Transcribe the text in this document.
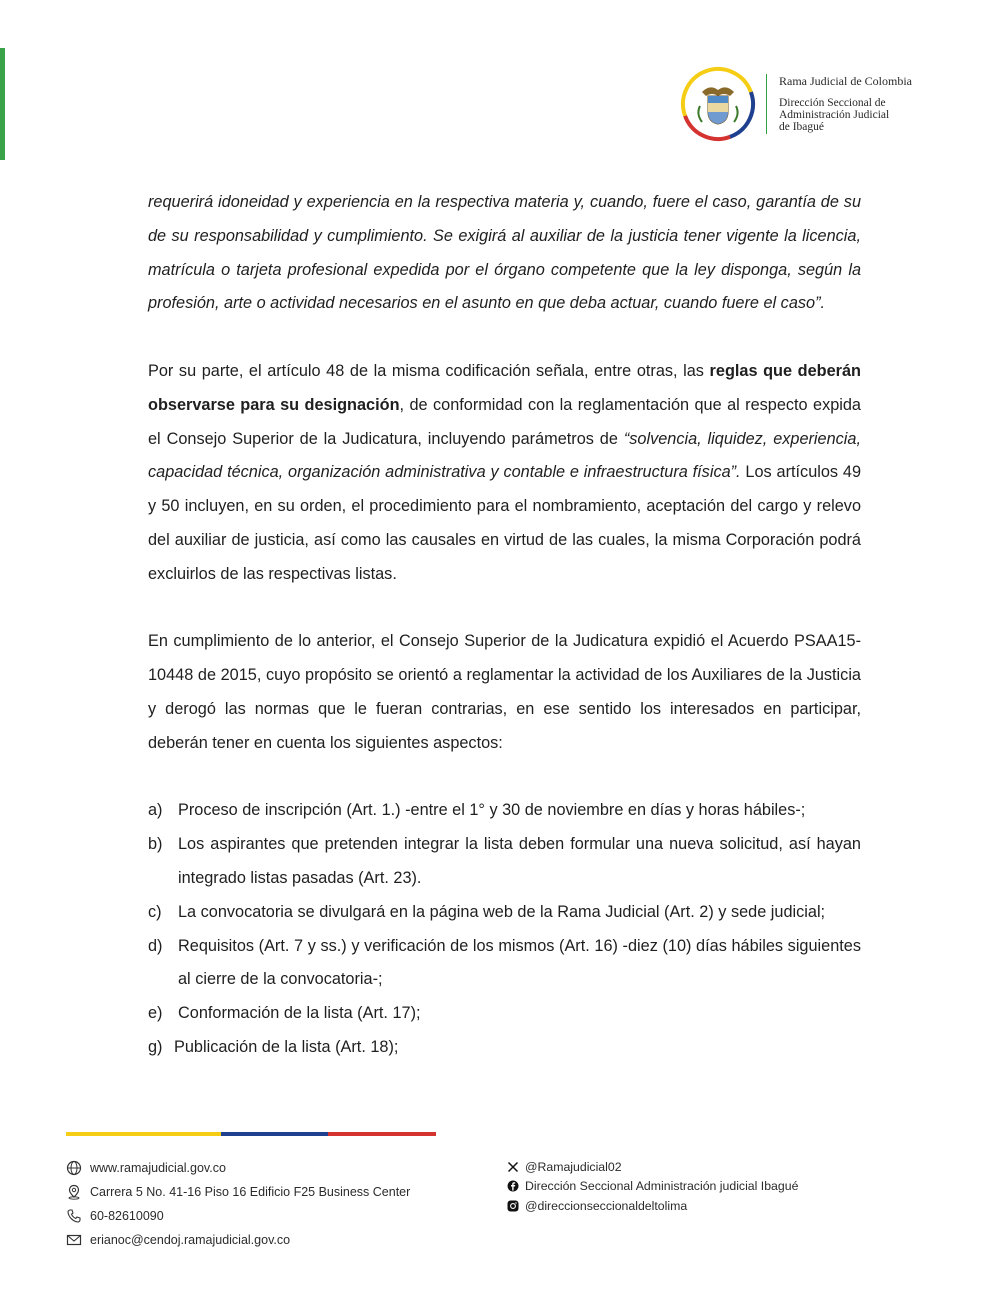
Rama Judicial de Colombia
Dirección Seccional de
Administración Judicial
de Ibagué

requerirá idoneidad y experiencia en la respectiva materia y, cuando, fuere el caso, garantía de su de su responsabilidad y cumplimiento. Se exigirá al auxiliar de la justicia tener vigente la licencia, matrícula o tarjeta profesional expedida por el órgano competente que la ley disponga, según la profesión, arte o actividad necesarios en el asunto en que deba actuar, cuando fuere el caso”.

Por su parte, el artículo 48 de la misma codificación señala, entre otras, las reglas que deberán observarse para su designación, de conformidad con la reglamentación que al respecto expida el Consejo Superior de la Judicatura, incluyendo parámetros de “solvencia, liquidez, experiencia, capacidad técnica, organización administrativa y contable e infraestructura física”. Los artículos 49 y 50 incluyen, en su orden, el procedimiento para el nombramiento, aceptación del cargo y relevo del auxiliar de justicia, así como las causales en virtud de las cuales, la misma Corporación podrá excluirlos de las respectivas listas.

En cumplimiento de lo anterior, el Consejo Superior de la Judicatura expidió el Acuerdo PSAA15-10448 de 2015, cuyo propósito se orientó a reglamentar la actividad de los Auxiliares de la Justicia y derogó las normas que le fueran contrarias, en ese sentido los interesados en participar, deberán tener en cuenta los siguientes aspectos:

a) Proceso de inscripción (Art. 1.) -entre el 1° y 30 de noviembre en días y horas hábiles-;
b) Los aspirantes que pretenden integrar la lista deben formular una nueva solicitud, así hayan integrado listas pasadas (Art. 23).
c) La convocatoria se divulgará en la página web de la Rama Judicial (Art. 2) y sede judicial;
d) Requisitos (Art. 7 y ss.) y verificación de los mismos (Art. 16) -diez (10) días hábiles siguientes al cierre de la convocatoria-;
e) Conformación de la lista (Art. 17);
g) Publicación de la lista (Art. 18);
www.ramajudicial.gov.co
Carrera 5 No. 41-16 Piso 16 Edificio F25 Business Center
60-82610090
erianoc@cendoj.ramajudicial.gov.co
@Ramajudicial02
Dirección Seccional Administración judicial Ibagué
@direccionseccionaldeltolima
